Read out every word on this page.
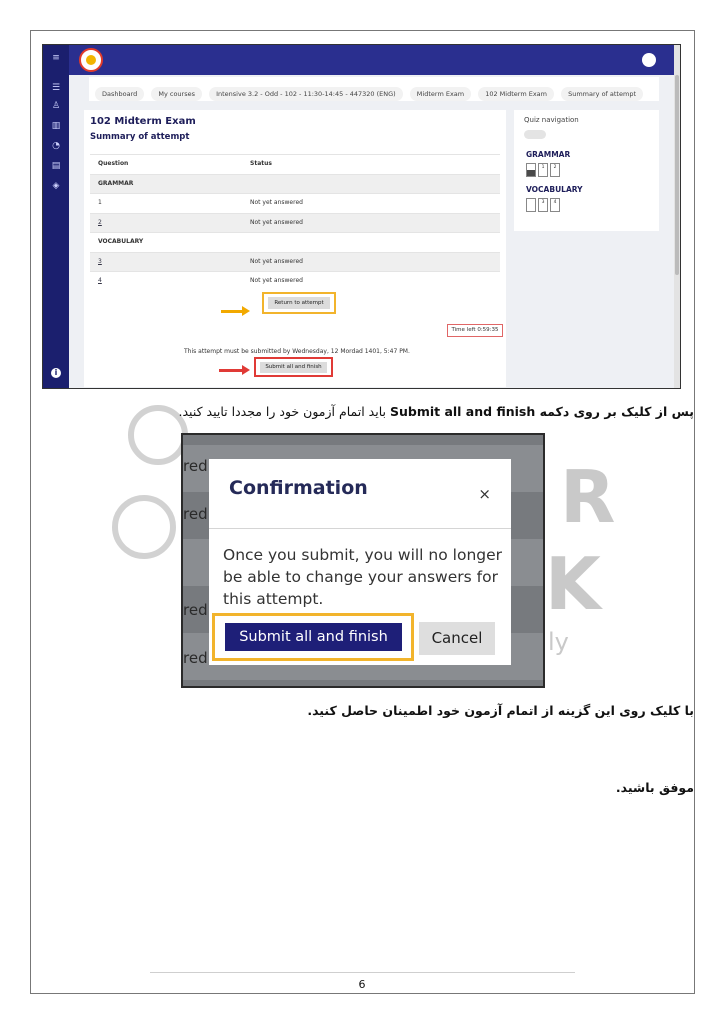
R
K
ly
≡
☰
♙
▥
◔
▤
◈
i
Dashboard	My courses	Intensive 3.2 - Odd - 102 - 11:30-14:45 - 447320 (ENG)	Midterm Exam	102 Midterm Exam	Summary of attempt
102 Midterm Exam
Summary of attempt
Question	Status
GRAMMAR
1	Not yet answered
2	Not yet answered
VOCABULARY
3	Not yet answered
4	Not yet answered
Return to attempt
Time left 0:59:35
This attempt must be submitted by Wednesday, 12 Mordad 1401, 5:47 PM.
Submit all and finish
Quiz navigation
GRAMMAR
1 2
VOCABULARY
3 4
پس از کلیک بر روی دکمه Submit all and finish باید اتمام آزمون خود را مجددا تایید کنید.
red
red
red
red
Confirmation	×
Once you submit, you will no longer be able to change your answers for this attempt.
Submit all and finish	Cancel
با کلیک روی این گزینه از اتمام آزمون خود اطمینان حاصل کنید.
موفق باشید.
6
